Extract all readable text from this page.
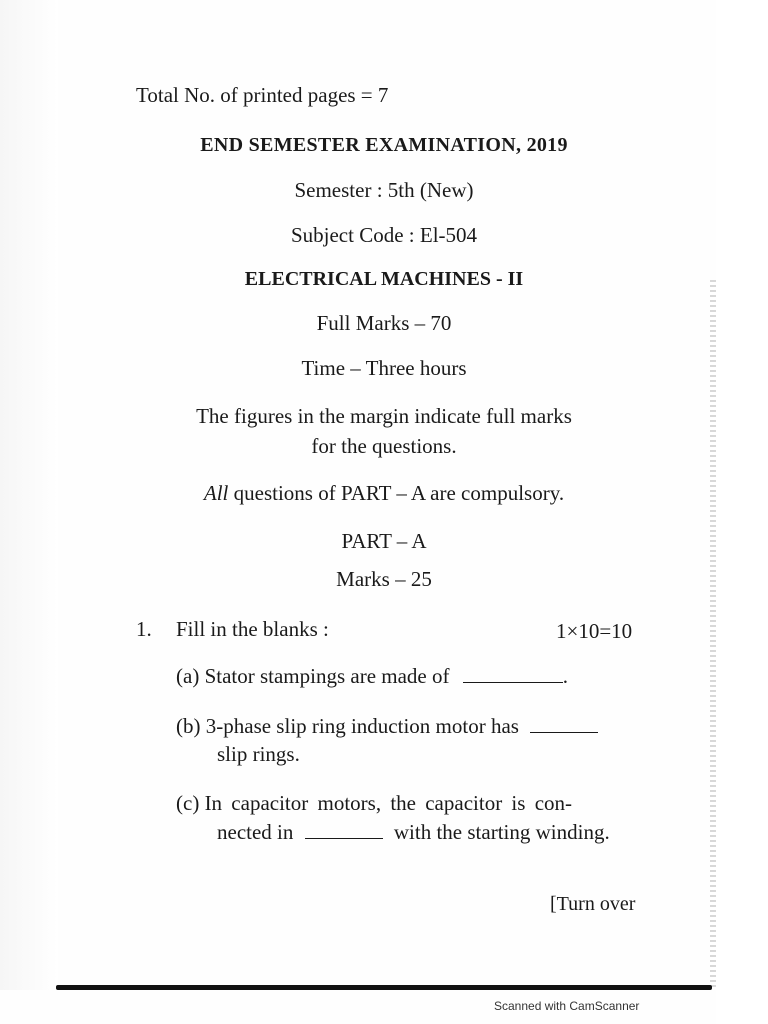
Total No. of printed pages = 7
END SEMESTER EXAMINATION, 2019
Semester : 5th (New)
Subject Code : El-504
ELECTRICAL MACHINES - II
Full Marks – 70
Time – Three hours
The figures in the margin indicate full marks
for the questions.
All questions of PART – A are compulsory.
PART – A
Marks – 25
1. Fill in the blanks :	1×10=10
(a) Stator stampings are made of	.
(b) 3-phase slip ring induction motor has
slip rings.
(c) In capacitor motors, the capacitor is con-
nected in	with the starting winding.
[Turn over
Scanned with CamScanner
